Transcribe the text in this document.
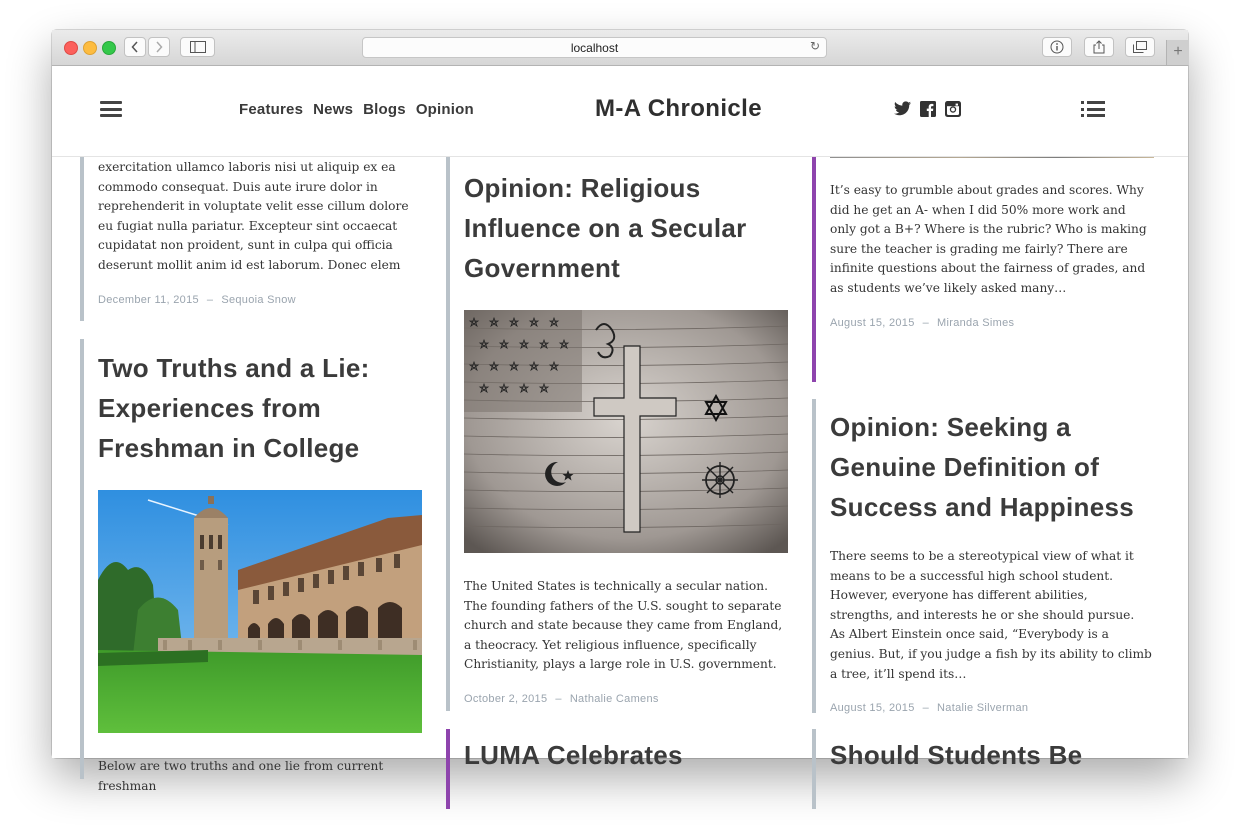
localhost	↻	+
Features News Blogs Opinion	M-A Chronicle

exercitation ullamco laboris nisi ut aliquip ex ea commodo consequat. Duis aute irure dolor in reprehenderit in voluptate velit esse cillum dolore eu fugiat nulla pariatur. Excepteur sint occaecat cupidatat non proident, sunt in culpa qui officia deserunt mollit anim id est laborum. Donec elem

December 11, 2015 – Sequoia Snow
Two Truths and a Lie: Experiences from Freshman in College

Below are two truths and one lie from current freshman

Opinion: Religious Influence on a Secular Government

The United States is technically a secular nation. The founding fathers of the U.S. sought to separate church and state because they came from England, a theocracy. Yet religious influence, specifically Christianity, plays a large role in U.S. government.

October 2, 2015 – Nathalie Camens
LUMA Celebrates

It’s easy to grumble about grades and scores. Why did he get an A- when I did 50% more work and only got a B+? Where is the rubric? Who is making sure the teacher is grading me fairly? There are infinite questions about the fairness of grades, and as students we’ve likely asked many…

August 15, 2015 – Miranda Simes
Opinion: Seeking a Genuine Definition of Success and Happiness

There seems to be a stereotypical view of what it means to be a successful high school student. However, everyone has different abilities, strengths, and interests he or she should pursue. As Albert Einstein once said, “Everybody is a genius. But, if you judge a fish by its ability to climb a tree, it’ll spend its…

August 15, 2015 – Natalie Silverman
Should Students Be
